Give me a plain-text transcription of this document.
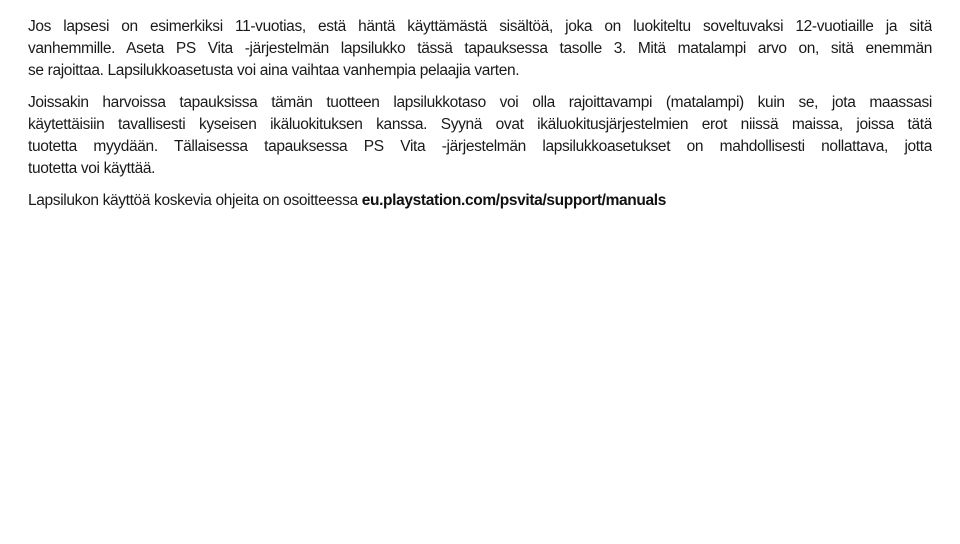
Jos lapsesi on esimerkiksi 11-vuotias, estä häntä käyttämästä sisältöä, joka on luokiteltu soveltuvaksi 12-vuotiaille ja sitä
vanhemmille. Aseta PS Vita -järjestelmän lapsilukko tässä tapauksessa tasolle 3. Mitä matalampi arvo on, sitä enemmän
se rajoittaa. Lapsilukkoasetusta voi aina vaihtaa vanhempia pelaajia varten.
Joissakin harvoissa tapauksissa tämän tuotteen lapsilukkotaso voi olla rajoittavampi (matalampi) kuin se, jota maassasi
käytettäisiin tavallisesti kyseisen ikäluokituksen kanssa. Syynä ovat ikäluokitusjärjestelmien erot niissä maissa, joissa tätä
tuotetta myydään. Tällaisessa tapauksessa PS Vita -järjestelmän lapsilukkoasetukset on mahdollisesti nollattava, jotta
tuotetta voi käyttää.
Lapsilukon käyttöä koskevia ohjeita on osoitteessa eu.playstation.com/psvita/support/manuals
